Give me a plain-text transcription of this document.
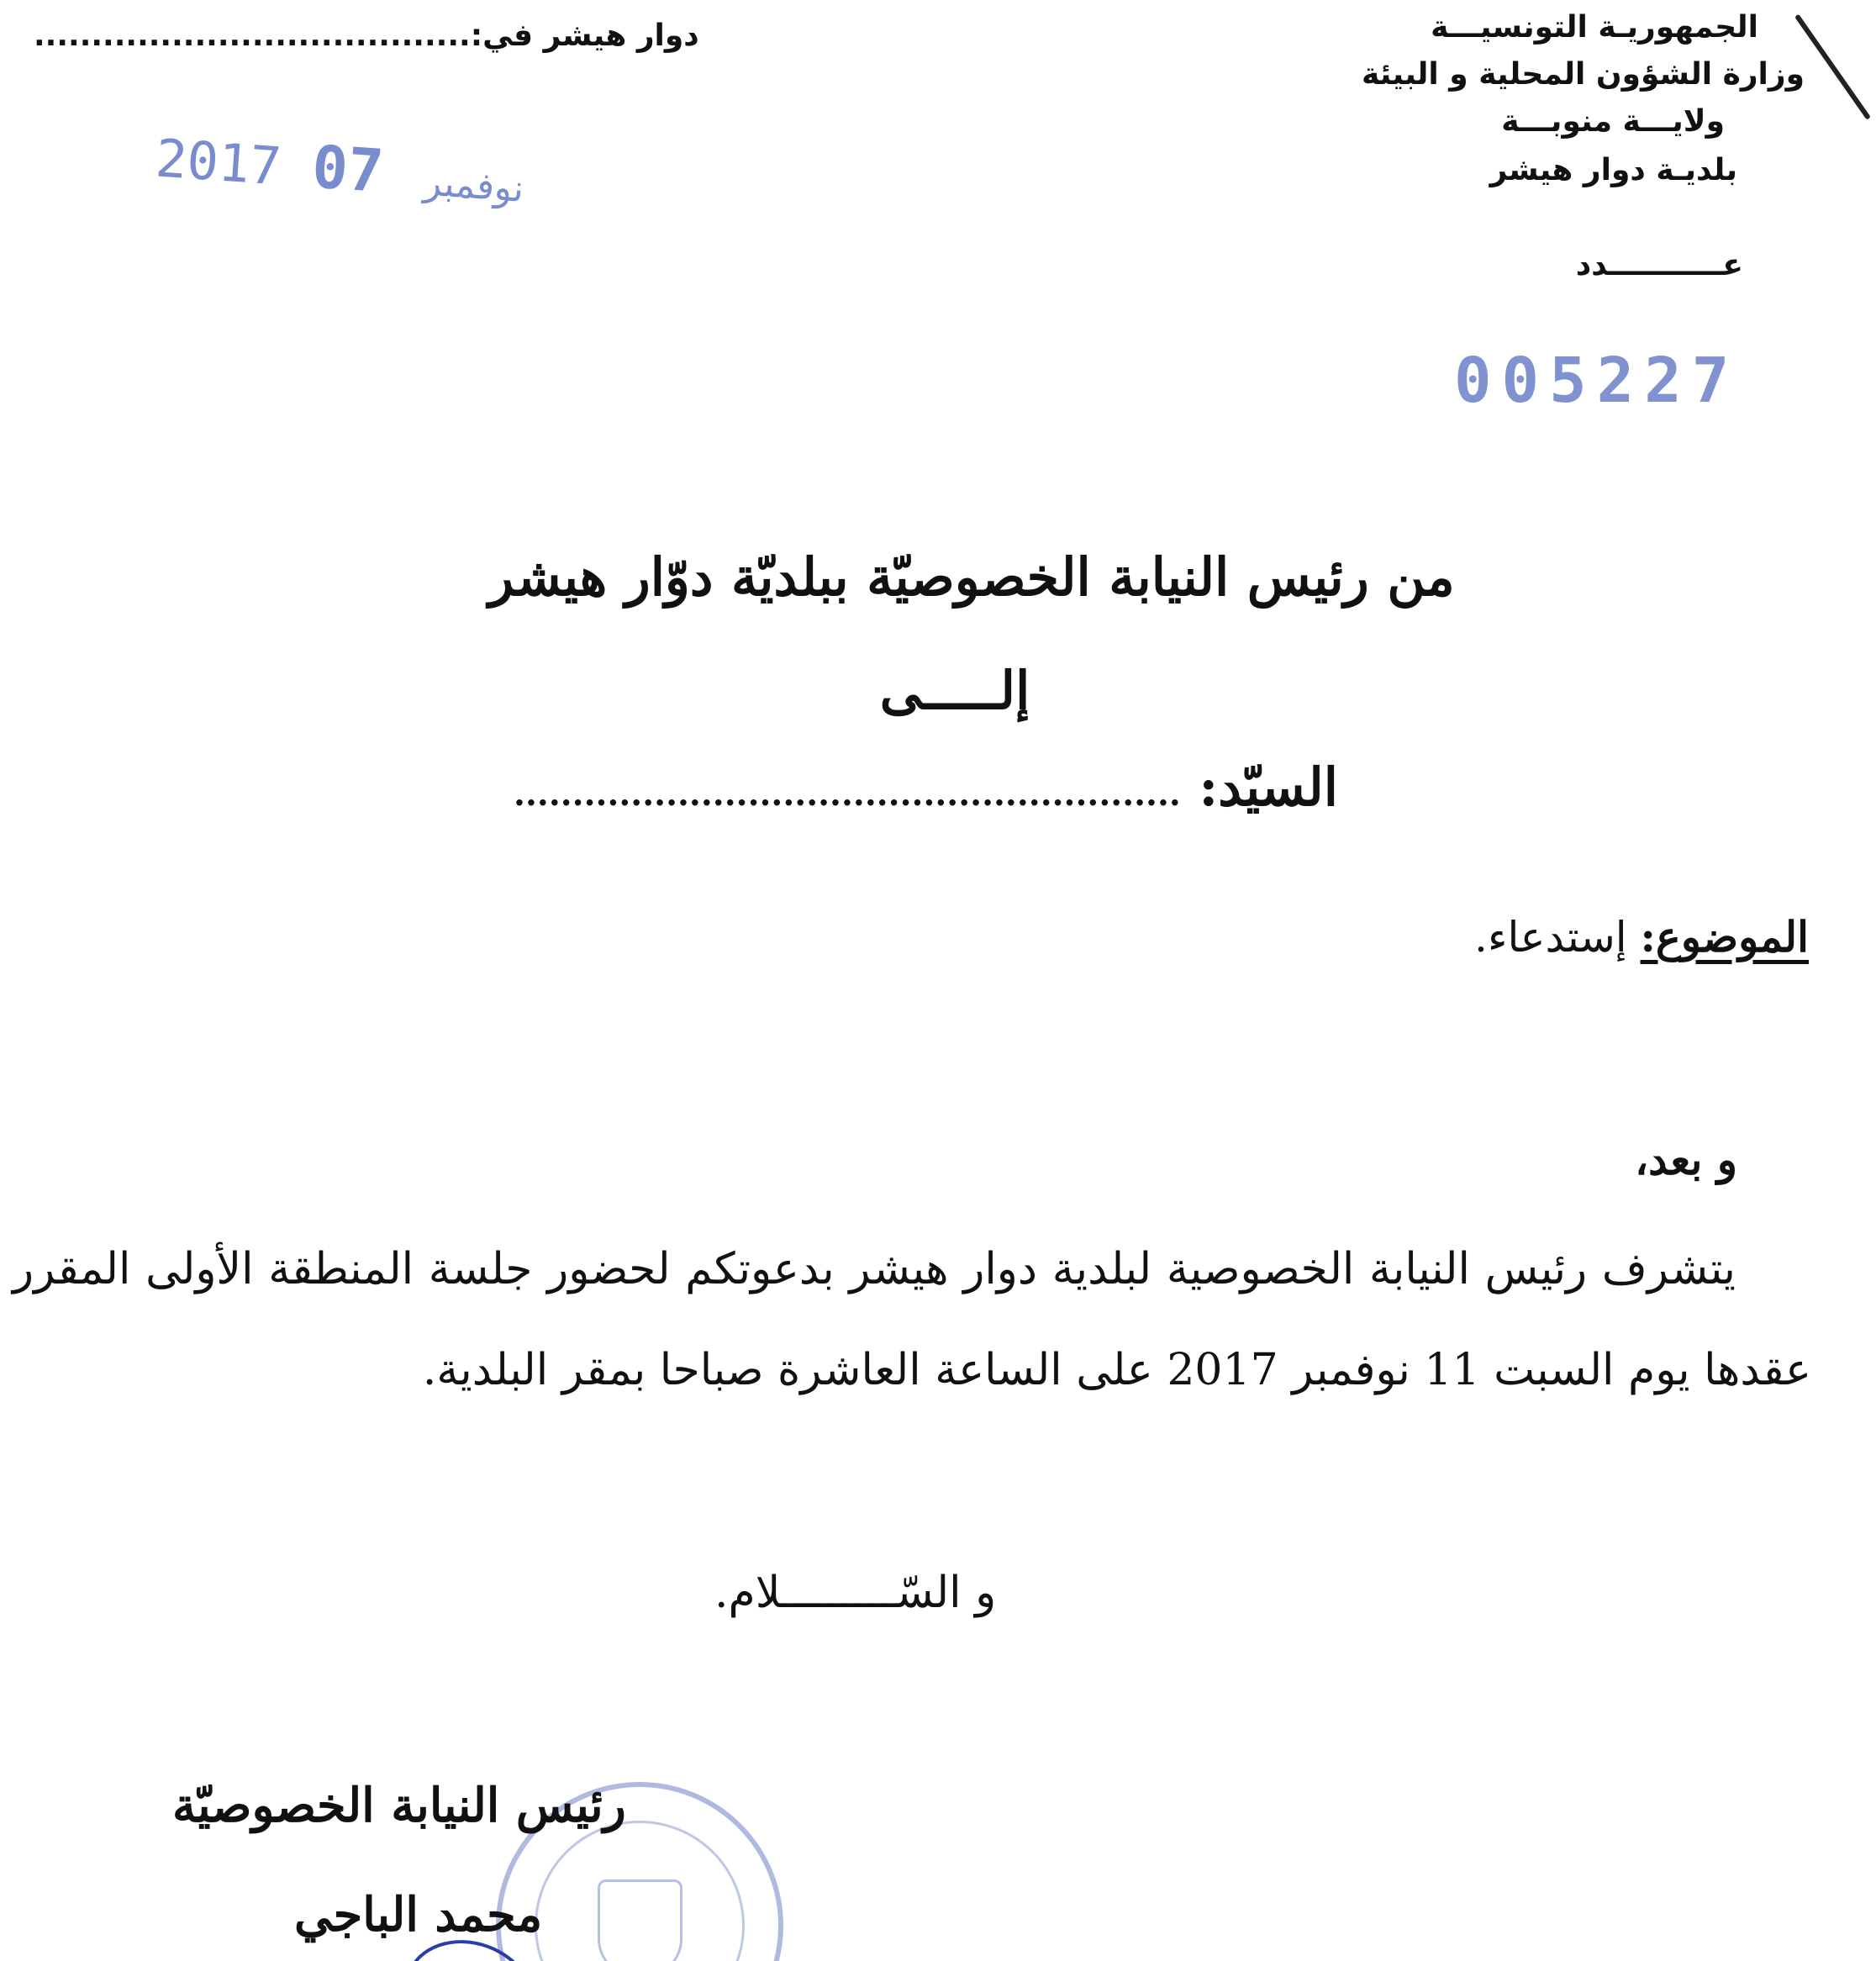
الجمهوريـة التونسيـــة
وزارة الشؤون المحلية و البيئة
ولايـــة منوبـــة
بلديـة دوار هيشر
عـــــــــــدد
دوار هيشر في:......................................
2017	نوفمبر 07
005227
من رئيس النيابة الخصوصيّة ببلديّة دوّار هيشر
إلـــــى
السيّد: .........................................................
الموضوع: إستدعاء.
و بعد،
يتشرف رئيس النيابة الخصوصية لبلدية دوار هيشر بدعوتكم لحضور جلسة المنطقة الأولى المقرر عقدها يوم السبت 11 نوفمبر 2017 على الساعة العاشرة صباحا بمقر البلدية.
و السّـــــــــلام.
رئيس النيابة الخصوصيّة
محمد الباجي
